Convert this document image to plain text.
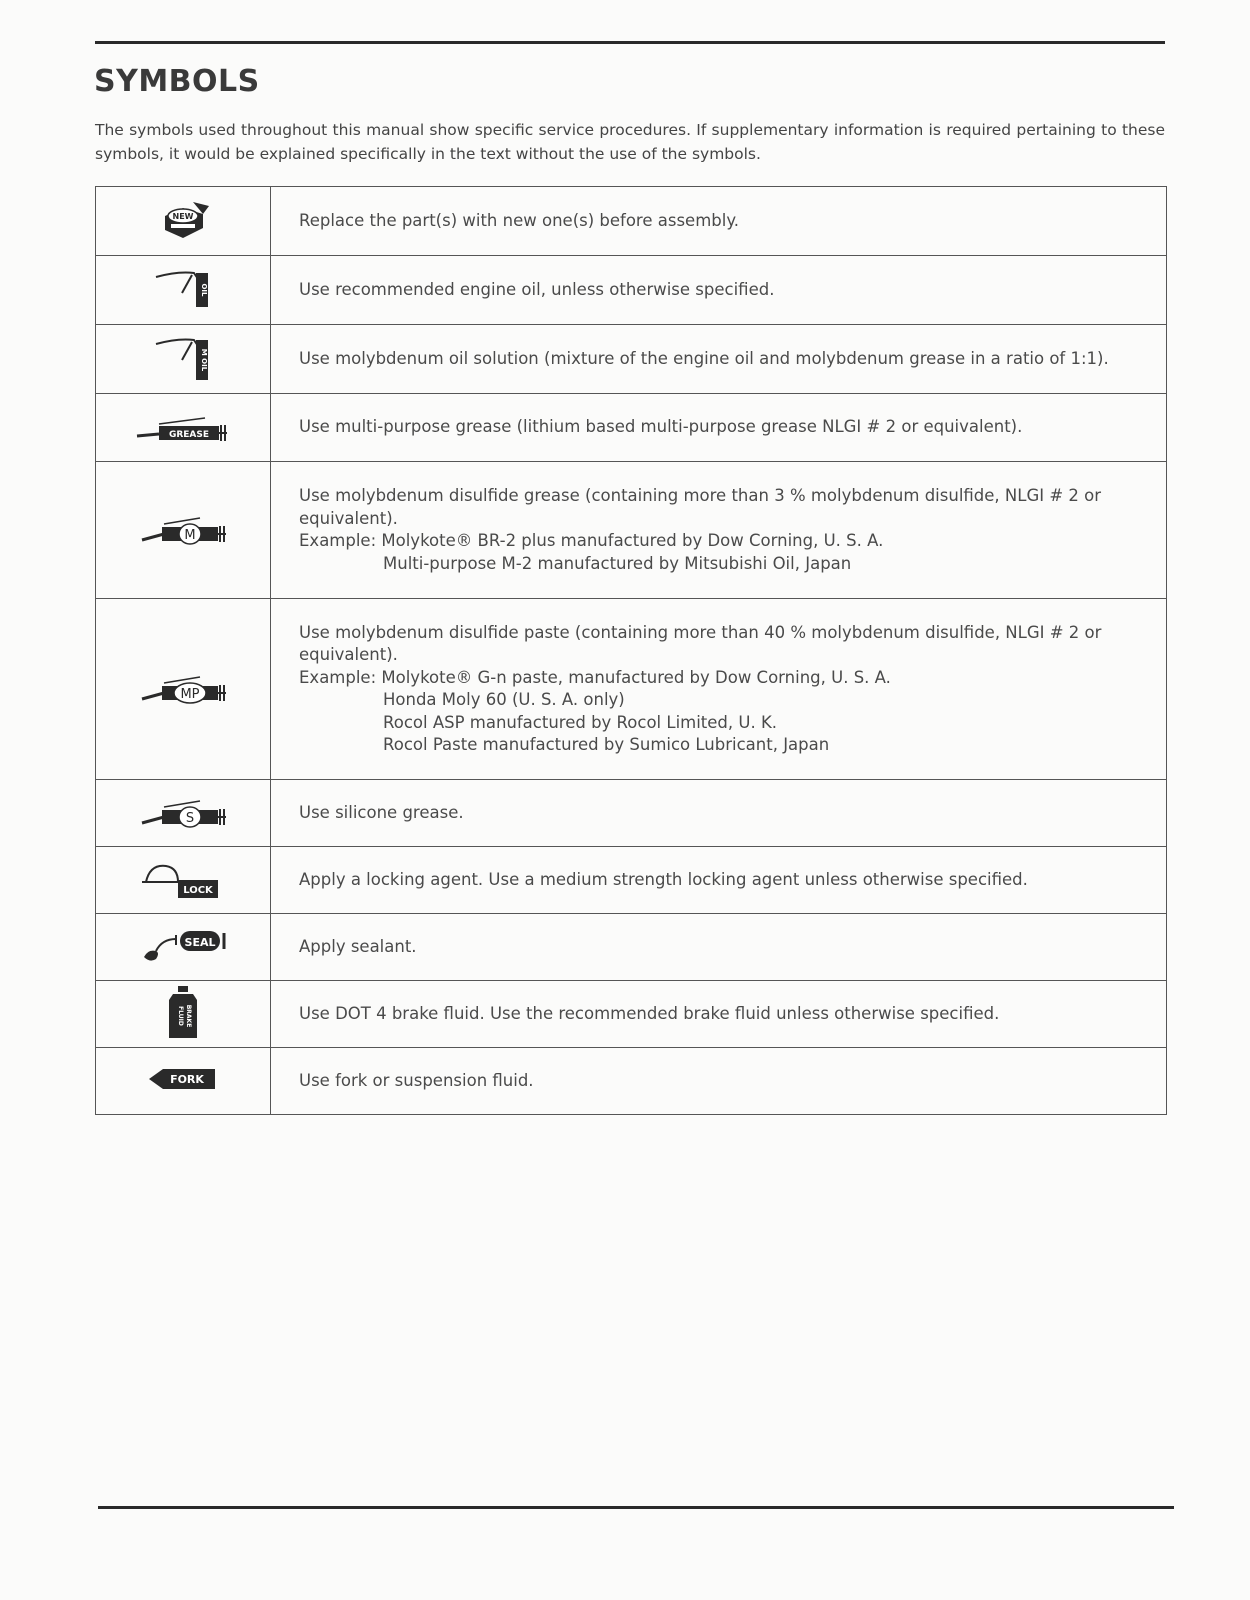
SYMBOLS
The symbols used throughout this manual show specific service procedures. If supplementary information is required pertaining to these symbols, it would be explained specifically in the text without the use of the symbols.
NEW	Replace the part(s) with new one(s) before assembly.

OIL	Use recommended engine oil, unless otherwise specified.

M OIL	Use molybdenum oil solution (mixture of the engine oil and molybdenum grease in a ratio of 1:1).

GREASE	Use multi-purpose grease (lithium based multi-purpose grease NLGI # 2 or equivalent).

M	Use molybdenum disulfide grease (containing more than 3 % molybdenum disulfide, NLGI # 2 or equivalent).
Example: Molykote® BR-2 plus manufactured by Dow Corning, U. S. A.
Multi-purpose M-2 manufactured by Mitsubishi Oil, Japan

MP	Use molybdenum disulfide paste (containing more than 40 % molybdenum disulfide, NLGI # 2 or equivalent).
Example: Molykote® G-n paste, manufactured by Dow Corning, U. S. A.
Honda Moly 60 (U. S. A. only)
Rocol ASP manufactured by Rocol Limited, U. K.
Rocol Paste manufactured by Sumico Lubricant, Japan

S	Use silicone grease.

LOCK	Apply a locking agent. Use a medium strength locking agent unless otherwise specified.

SEAL	Apply sealant.

BRAKE
FLUID	Use DOT 4 brake fluid. Use the recommended brake fluid unless otherwise specified.

FORK	Use fork or suspension fluid.
